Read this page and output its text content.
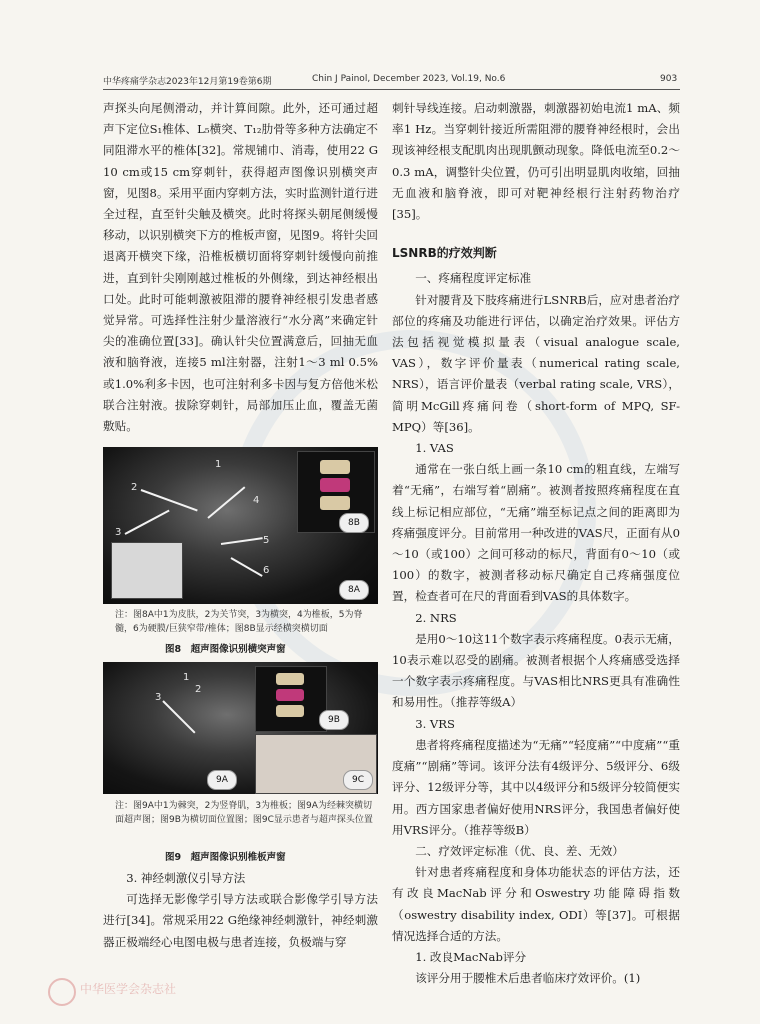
中华疼痛学杂志2023年12月第19卷第6期	Chin J Painol, December 2023, Vol.19, No.6	903

声探头向尾侧滑动，并计算间隙。此外，还可通过超声下定位S₁椎体、L₅横突、T₁₂肋骨等多种方法确定不同阻滞水平的椎体[32]。常规铺巾、消毒，使用22 G 10 cm或15 cm穿刺针，获得超声图像识别横突声窗，见图8。采用平面内穿刺方法，实时监测针道行进全过程，直至针尖触及横突。此时将探头朝尾侧缓慢移动，以识别横突下方的椎板声窗，见图9。将针尖回退离开横突下缘，沿椎板横切面将穿刺针缓慢向前推进，直到针尖刚刚越过椎板的外侧缘，到达神经根出口处。此时可能刺激被阻滞的腰脊神经根引发患者感觉异常。可选择性注射少量溶液行“水分离”来确定针尖的准确位置[33]。确认针尖位置满意后，回抽无血液和脑脊液，连接5 ml注射器，注射1～3 ml 0.5%或1.0%利多卡因，也可注射利多卡因与复方倍他米松联合注射液。拔除穿刺针，局部加压止血，覆盖无菌敷贴。

1
2
3
4
5
6
8B
8A
注：图8A中1为皮肤，2为关节突，3为横突，4为椎板，5为脊髓，6为硬膜/巨狭窄带/椎体；图8B显示经横突横切面
图8　超声图像识别横突声窗
1
2
3
9A
9B
9C
注：图9A中1为棘突，2为竖脊肌，3为椎板；图9A为经棘突横切面超声图；图9B为横切面位置图；图9C显示患者与超声探头位置
图9　超声图像识别椎板声窗

3. 神经刺激仪引导方法

可选择无影像学引导方法或联合影像学引导方法进行[34]。常规采用22 G绝缘神经刺激针，神经刺激器正极端经心电图电极与患者连接，负极端与穿

刺针导线连接。启动刺激器，刺激器初始电流1 mA、频率1 Hz。当穿刺针接近所需阻滞的腰脊神经根时，会出现该神经根支配肌肉出现肌颤动现象。降低电流至0.2～0.3 mA，调整针尖位置，仍可引出明显肌肉收缩，回抽无血液和脑脊液，即可对靶神经根行注射药物治疗[35]。

LSNRB的疗效判断

一、疼痛程度评定标准

针对腰背及下肢疼痛进行LSNRB后，应对患者治疗部位的疼痛及功能进行评估，以确定治疗效果。评估方法包括视觉模拟量表（visual analogue scale, VAS），数字评价量表（numerical rating scale, NRS），语言评价量表（verbal rating scale, VRS），简明McGill疼痛问卷（short-form of MPQ, SF-MPQ）等[36]。

1. VAS

通常在一张白纸上画一条10 cm的粗直线，左端写着“无痛”，右端写着“剧痛”。被测者按照疼痛程度在直线上标记相应部位，“无痛”端至标记点之间的距离即为疼痛强度评分。目前常用一种改进的VAS尺，正面有从0～10（或100）之间可移动的标尺，背面有0～10（或100）的数字，被测者移动标尺确定自己疼痛强度位置，检查者可在尺的背面看到VAS的具体数字。

2. NRS

是用0～10这11个数字表示疼痛程度。0表示无痛，10表示难以忍受的剧痛。被测者根据个人疼痛感受选择一个数字表示疼痛程度。与VAS相比NRS更具有准确性和易用性。（推荐等级A）

3. VRS

患者将疼痛程度描述为“无痛”“轻度痛”“中度痛”“重度痛”“剧痛”等词。该评分法有4级评分、5级评分、6级评分、12级评分等，其中以4级评分和5级评分较简便实用。西方国家患者偏好使用NRS评分，我国患者偏好使用VRS评分。（推荐等级B）

二、疗效评定标准（优、良、差、无效）

针对患者疼痛程度和身体功能状态的评估方法，还有改良MacNab评分和Oswestry功能障碍指数（oswestry disability index, ODI）等[37]。可根据情况选择合适的方法。

1. 改良MacNab评分

该评分用于腰椎术后患者临床疗效评价。(1)

中华医学会杂志社
